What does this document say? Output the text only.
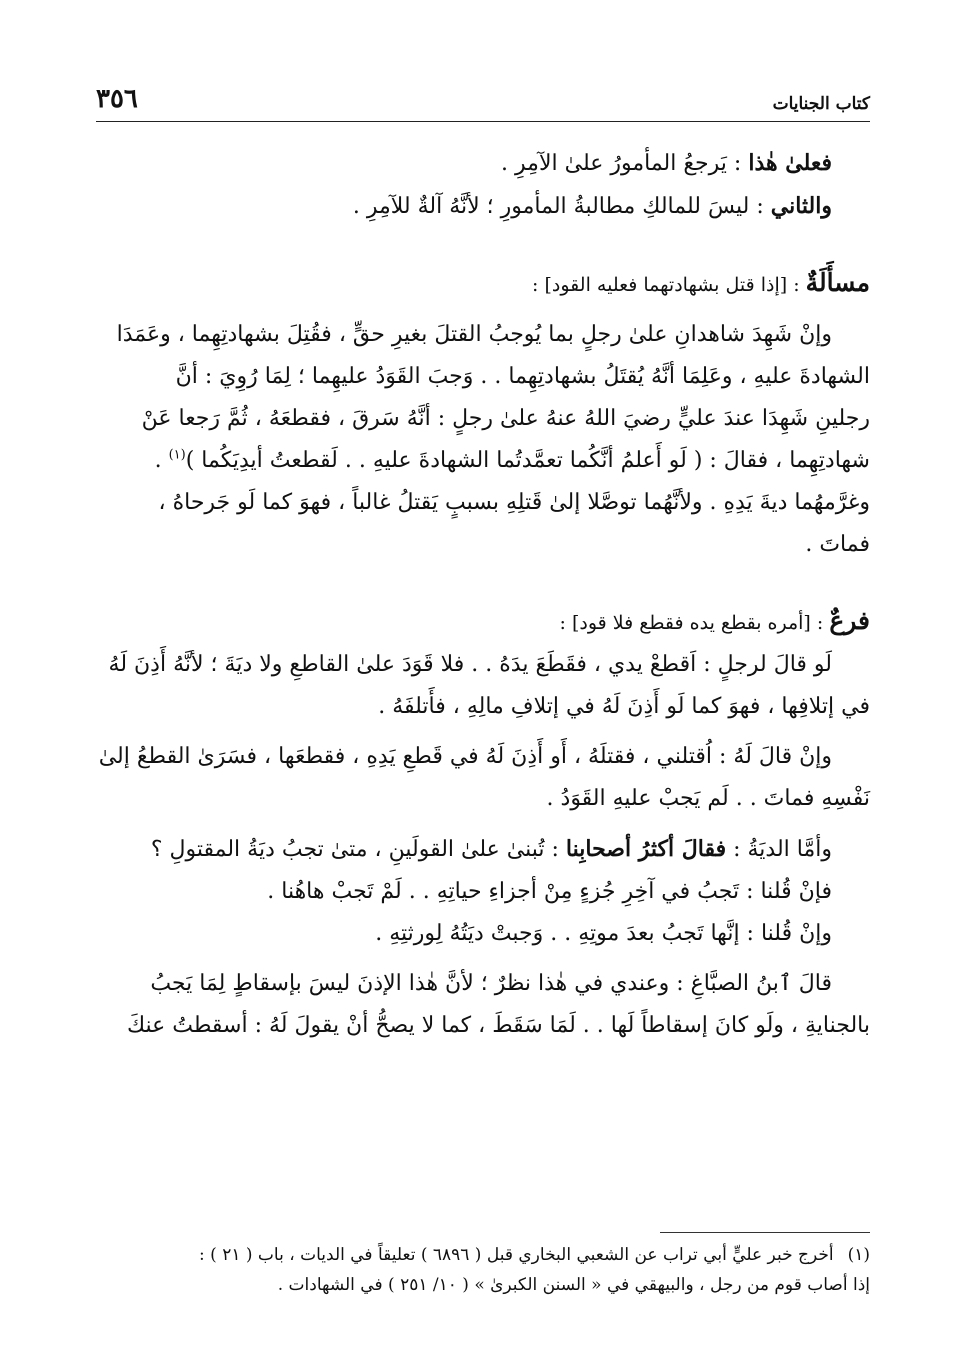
كتاب الجنايات
٣٥٦

فعلىٰ هٰذا : يَرجعُ المأمورُ علىٰ الآمِرِ .

والثاني : ليسَ للمالكِ مطالبةُ المأمورِ ؛ لأنَّهُ آلةٌ للآمِرِ .

مسأَلَةٌ : [إذا قتل بشهادتهما فعليه القود] :

وإنْ شَهِدَ شاهدانِ علىٰ رجلٍ بما يُوجبُ القتلَ بغيرِ حقٍّ ، فقُتِلَ بشهادتِهِما ، وعَمَدَا

الشهادةَ عليهِ ، وعَلِمَا أنَّهُ يُقتَلُ بشهادتِهِما . . وَجبَ القَوَدُ عليهِما ؛ لِمَا رُوِيَ : أنَّ

رجلينِ شَهِدَا عندَ عليٍّ رضيَ اللهُ عنهُ علىٰ رجلٍ : أنَّهُ سَرقَ ، فقطعَهُ ، ثُمَّ رَجعا عَنْ

شهادتِهِما ، فقالَ : ( لَو أَعلمُ أنَّكُما تعمَّدتُما الشهادةَ عليهِ . . لَقطعتُ أيدِيَكُما )$^{(١)}$ .

وغرَّمهُما ديةَ يَدِهِ . ولأنَّهُما توصَّلا إلىٰ قَتلِهِ بسببٍ يَقتلُ غالباً ، فهوَ كما لَو جَرحاهُ ،

فماتَ .

فرعٌ : [أمره بقطع يده فقطع فلا قود] :

لَو قالَ لرجلٍ : اَقطعْ يدي ، فقَطَعَ يدَهُ . . فلا قَوَدَ علىٰ القاطعِ ولا ديَةَ ؛ لأنَّهُ أَذِنَ لَهُ

في إتلافِها ، فهوَ كما لَو أَذِنَ لَهُ في إتلافِ مالِهِ ، فأَتلفَهُ .

وإنْ قالَ لَهُ : اُقتلني ، فقتلَهُ ، أَو أَذِنَ لَهُ في قَطعِ يَدِهِ ، فقطعَها ، فسَرَىٰ القطعُ إلىٰ

نَفْسِهِ فماتَ . . لَم يَجبْ عليهِ القَوَدُ .

وأمَّا الديَةُ : فقالَ أكثرُ أصحابِنا : تُبنىٰ علىٰ القولَينِ ، متىٰ تجبُ ديَةُ المقتولِ ؟

فإنْ قُلنا : تَجبُ في آخِرِ جُزءٍ مِنْ أجزاءِ حياتِهِ . . لَمْ تَجبْ هاهُنا .

وإنْ قُلنا : إنَّها تَجبُ بعدَ موتِهِ . . وَجبتْ ديَتُهُ لِورثتِهِ .

قالَ ٱبنُ الصبَّاغِ : وعندي في هٰذا نظرٌ ؛ لأنَّ هٰذا الإذنَ ليسَ بإسقاطٍ لِمَا يَجبُ

بالجنايةِ ، ولَو كانَ إسقاطاً لَها . . لَمَا سَقَطَ ، كما لا يصحُّ أنْ يقولَ لَهُ : أسقطتُ عنكَ

(١)أخرج خبر عليٍّ أبي تراب عن الشعبي البخاري قبل ( ٦٨٩٦ ) تعليقاً في الديات ، باب ( ٢١ ) :

إذا أصاب قوم من رجل ، والبيهقي في « السنن الكبرىٰ » ( ١٠/ ٢٥١ ) في الشهادات .
